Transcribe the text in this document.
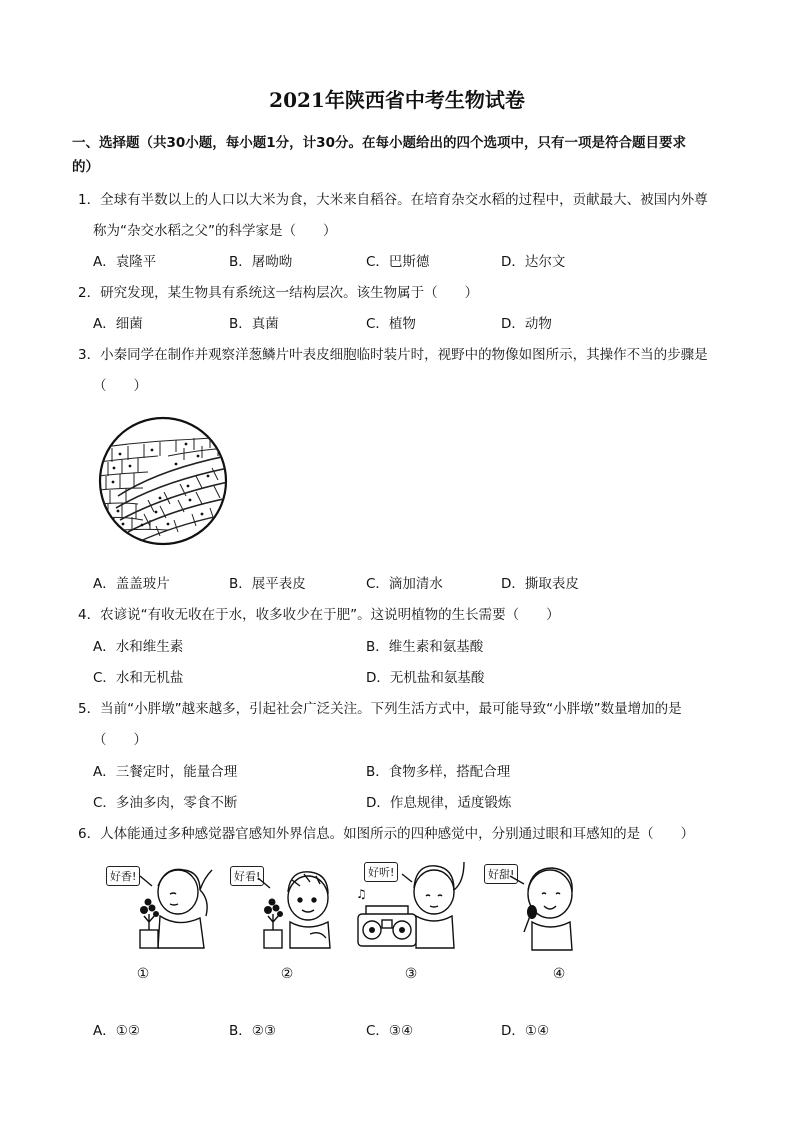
2021年陕西省中考生物试卷
一、选择题（共30小题，每小题1分，计30分。在每小题给出的四个选项中，只有一项是符合题目要求
的）
1．全球有半数以上的人口以大米为食，大米来自稻谷。在培育杂交水稻的过程中，贡献最大、被国内外尊
称为“杂交水稻之父”的科学家是（　　）
A．袁隆平	B．屠呦呦	C．巴斯德	D．达尔文
2．研究发现，某生物具有系统这一结构层次。该生物属于（　　）
A．细菌	B．真菌	C．植物	D．动物
3．小秦同学在制作并观察洋葱鳞片叶表皮细胞临时装片时，视野中的物像如图所示，其操作不当的步骤是
（　　）
A．盖盖玻片	B．展平表皮	C．滴加清水	D．撕取表皮
4．农谚说“有收无收在于水，收多收少在于肥”。这说明植物的生长需要（　　）
A．水和维生素	B．维生素和氨基酸
C．水和无机盐	D．无机盐和氨基酸
5．当前“小胖墩”越来越多，引起社会广泛关注。下列生活方式中，最可能导致“小胖墩”数量增加的是
（　　）
A．三餐定时，能量合理	B．食物多样，搭配合理
C．多油多肉，零食不断	D．作息规律，适度锻炼
6．人体能通过多种感觉器官感知外界信息。如图所示的四种感觉中，分别通过眼和耳感知的是（　　）
好香!	好看!	好听!
♫
好甜!
①	②	③	④
A．①②	B．②③	C．③④	D．①④
